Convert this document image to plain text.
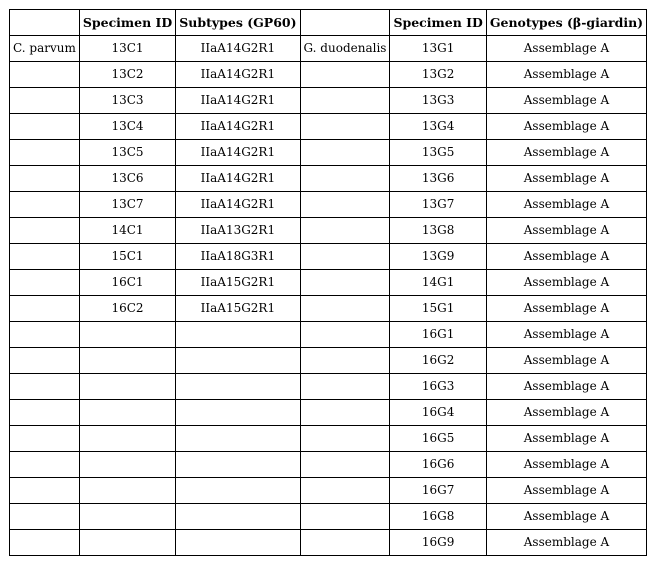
	Specimen ID	Subtypes (GP60)		Specimen ID	Genotypes (β-giardin)
C. parvum	13C1	IIaA14G2R1	G. duodenalis	13G1	Assemblage A
	13C2	IIaA14G2R1		13G2	Assemblage A
	13C3	IIaA14G2R1		13G3	Assemblage A
	13C4	IIaA14G2R1		13G4	Assemblage A
	13C5	IIaA14G2R1		13G5	Assemblage A
	13C6	IIaA14G2R1		13G6	Assemblage A
	13C7	IIaA14G2R1		13G7	Assemblage A
	14C1	IIaA13G2R1		13G8	Assemblage A
	15C1	IIaA18G3R1		13G9	Assemblage A
	16C1	IIaA15G2R1		14G1	Assemblage A
	16C2	IIaA15G2R1		15G1	Assemblage A
				16G1	Assemblage A
				16G2	Assemblage A
				16G3	Assemblage A
				16G4	Assemblage A
				16G5	Assemblage A
				16G6	Assemblage A
				16G7	Assemblage A
				16G8	Assemblage A
				16G9	Assemblage A
